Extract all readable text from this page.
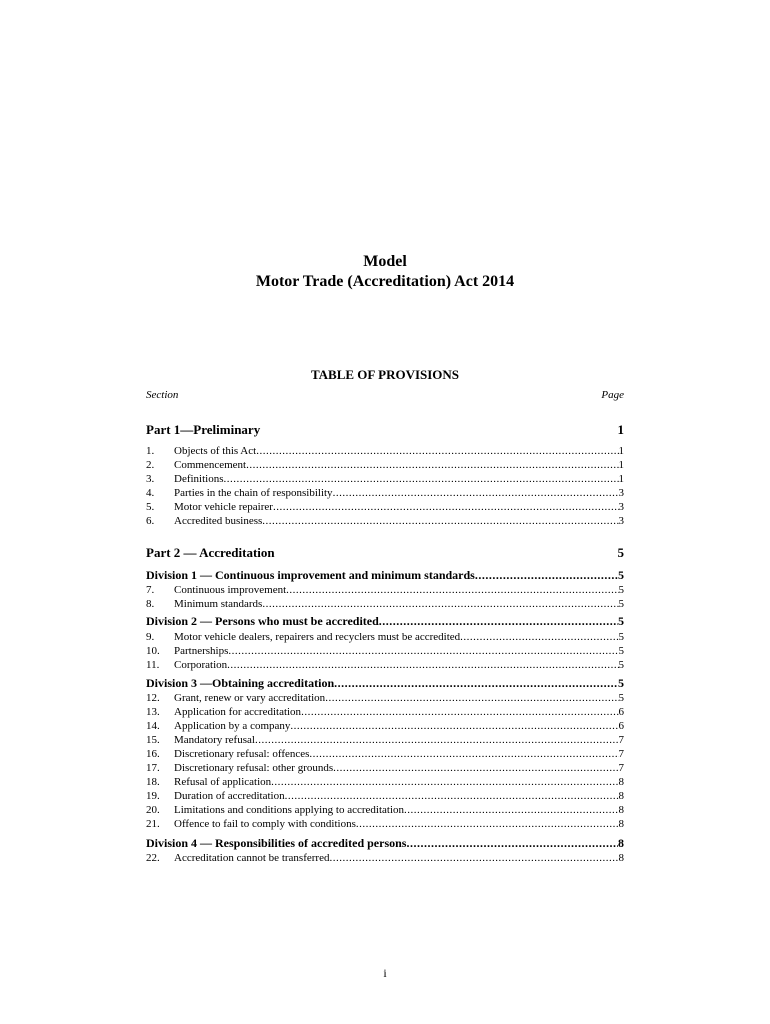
Model
Motor Trade (Accreditation) Act 2014
TABLE OF PROVISIONS
Section	Page
Part 1—Preliminary	1
1.	Objects of this Act .....	1
2.	Commencement .....	1
3.	Definitions .....	1
4.	Parties in the chain of responsibility .....	3
5.	Motor vehicle repairer .....	3
6.	Accredited business .....	3
Part 2 — Accreditation	5
Division 1 — Continuous improvement and minimum standards .....	5
7.	Continuous improvement .....	5
8.	Minimum standards .....	5
Division 2 — Persons who must be accredited .....	5
9.	Motor vehicle dealers, repairers and recyclers must be accredited .....	5
10.	Partnerships .....	5
11.	Corporation .....	5
Division 3 —Obtaining accreditation .....	5
12.	Grant, renew or vary accreditation .....	5
13.	Application for accreditation .....	6
14.	Application by a company .....	6
15.	Mandatory refusal .....	7
16.	Discretionary refusal: offences .....	7
17.	Discretionary refusal: other grounds .....	7
18.	Refusal of application .....	8
19.	Duration of accreditation .....	8
20.	Limitations and conditions applying to accreditation .....	8
21.	Offence to fail to comply with conditions .....	8
Division 4 — Responsibilities of accredited persons .....	8
22.	Accreditation cannot be transferred .....	8
i
